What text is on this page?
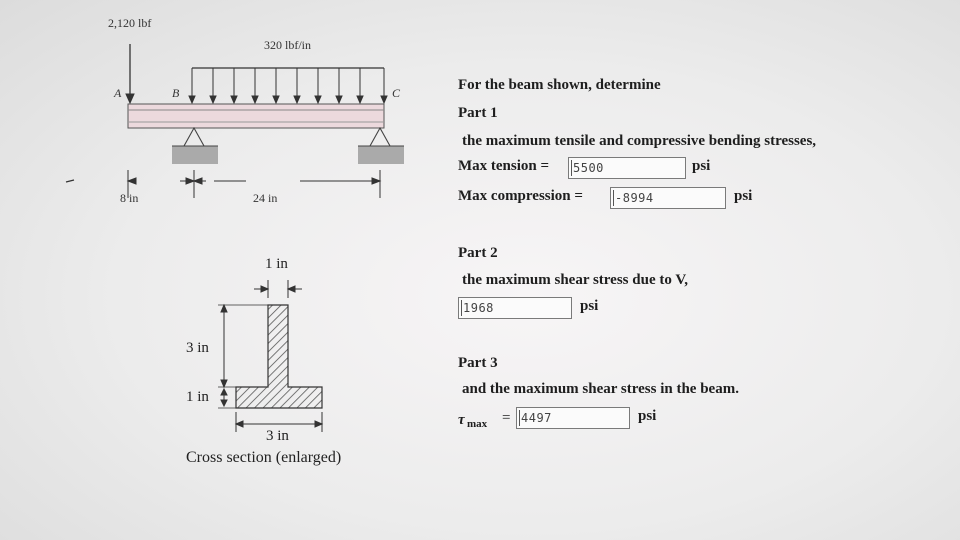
2,120 lbf
320 lbf/in
A	B	C
8 in	24 in
1 in
3 in
1 in
3 in
Cross section (enlarged)
For the beam shown, determine
Part 1
the maximum tensile and compressive bending stresses,
Max tension =	5500	psi
Max compression =	-8994	psi
Part 2
the maximum shear stress due to V,
1968	psi
Part 3
and the maximum shear stress in the beam.
τ max = 4497	psi
